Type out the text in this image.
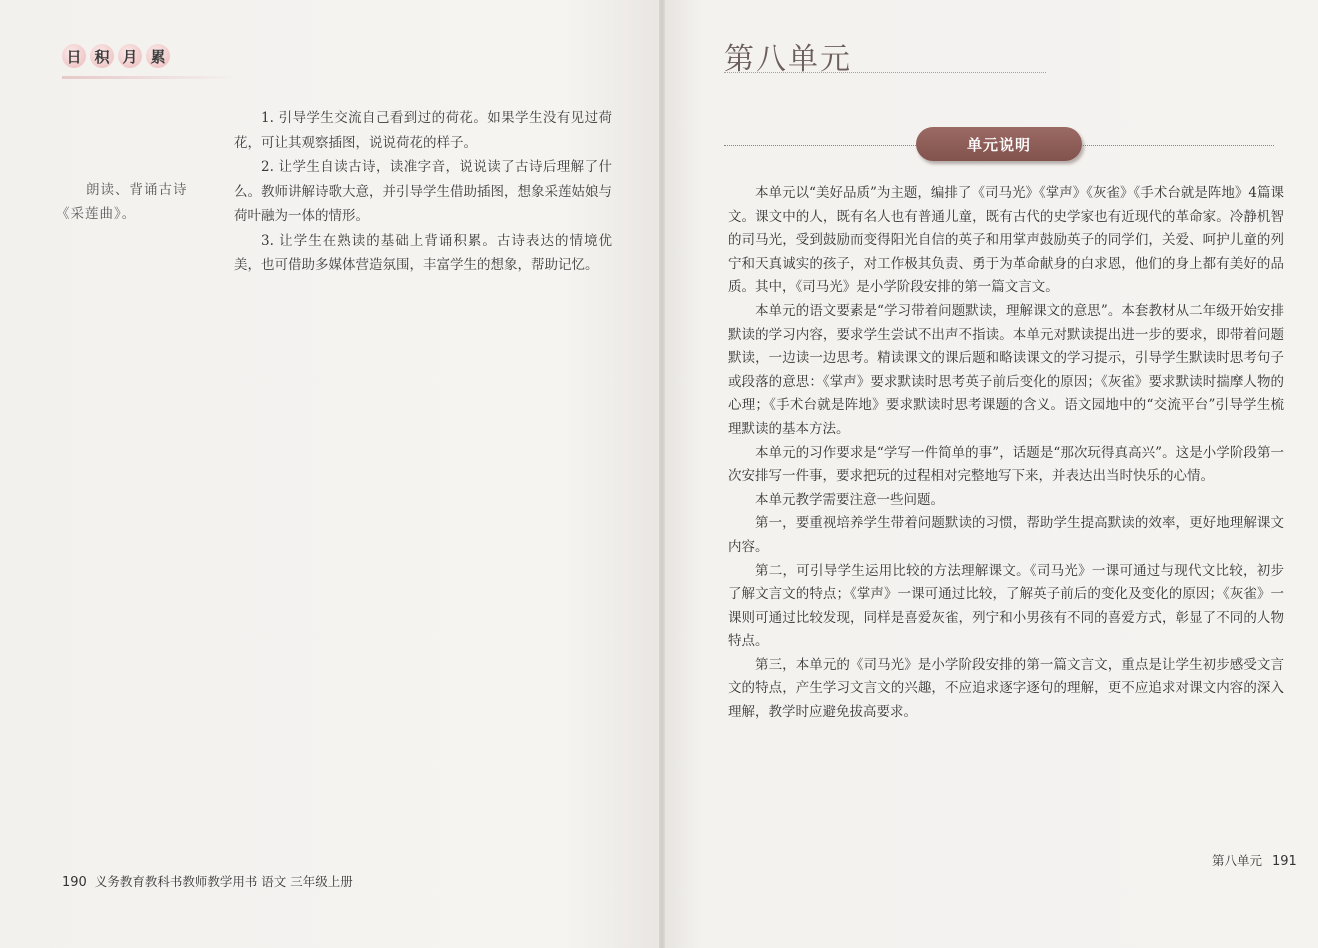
日 积 月 累
朗读、背诵古诗
《采莲曲》。

1. 引导学生交流自己看到过的荷花。如果学生没有见过荷花，可让其观察插图，说说荷花的样子。

2. 让学生自读古诗，读准字音，说说读了古诗后理解了什么。教师讲解诗歌大意，并引导学生借助插图，想象采莲姑娘与荷叶融为一体的情形。

3. 让学生在熟读的基础上背诵积累。古诗表达的情境优美，也可借助多媒体营造氛围，丰富学生的想象，帮助记忆。

190 义务教育教科书教师教学用书 语文 三年级上册
第八单元
单元说明

本单元以“美好品质”为主题，编排了《司马光》《掌声》《灰雀》《手术台就是阵地》4篇课文。课文中的人，既有名人也有普通儿童，既有古代的史学家也有近现代的革命家。冷静机智的司马光，受到鼓励而变得阳光自信的英子和用掌声鼓励英子的同学们，关爱、呵护儿童的列宁和天真诚实的孩子，对工作极其负责、勇于为革命献身的白求恩，他们的身上都有美好的品质。其中，《司马光》是小学阶段安排的第一篇文言文。

本单元的语文要素是“学习带着问题默读，理解课文的意思”。本套教材从二年级开始安排默读的学习内容，要求学生尝试不出声不指读。本单元对默读提出进一步的要求，即带着问题默读，一边读一边思考。精读课文的课后题和略读课文的学习提示，引导学生默读时思考句子或段落的意思：《掌声》要求默读时思考英子前后变化的原因；《灰雀》要求默读时揣摩人物的心理；《手术台就是阵地》要求默读时思考课题的含义。语文园地中的“交流平台”引导学生梳理默读的基本方法。

本单元的习作要求是“学写一件简单的事”，话题是“那次玩得真高兴”。这是小学阶段第一次安排写一件事，要求把玩的过程相对完整地写下来，并表达出当时快乐的心情。

本单元教学需要注意一些问题。

第一，要重视培养学生带着问题默读的习惯，帮助学生提高默读的效率，更好地理解课文内容。

第二，可引导学生运用比较的方法理解课文。《司马光》一课可通过与现代文比较，初步了解文言文的特点；《掌声》一课可通过比较，了解英子前后的变化及变化的原因；《灰雀》一课则可通过比较发现，同样是喜爱灰雀，列宁和小男孩有不同的喜爱方式，彰显了不同的人物特点。

第三，本单元的《司马光》是小学阶段安排的第一篇文言文，重点是让学生初步感受文言文的特点，产生学习文言文的兴趣，不应追求逐字逐句的理解，更不应追求对课文内容的深入理解，教学时应避免拔高要求。

第八单元 191
